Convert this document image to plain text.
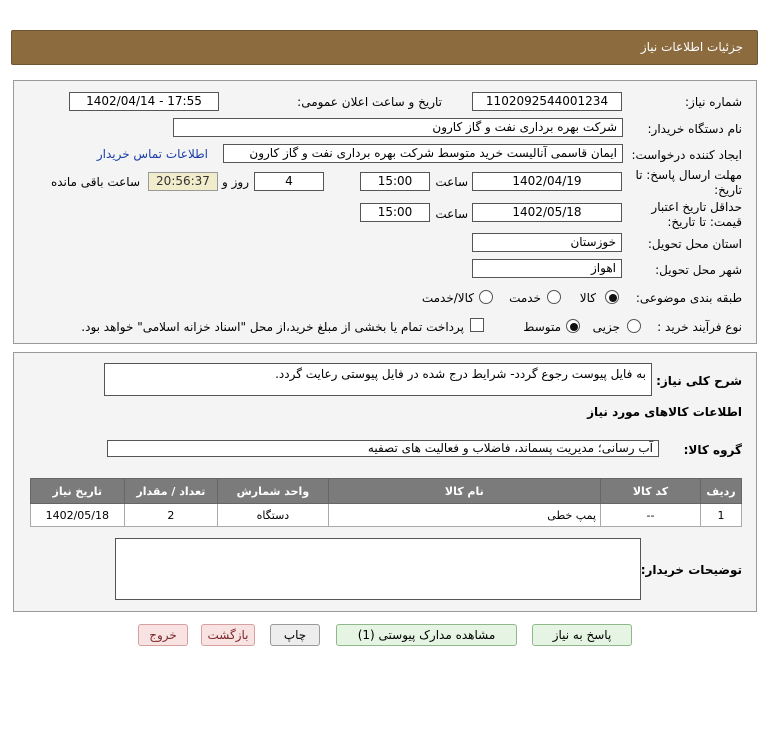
جزئیات اطلاعات نیاز
شماره نیاز:
1102092544001234
تاریخ و ساعت اعلان عمومی:
1402/04/14 - 17:55
نام دستگاه خریدار:
شرکت بهره برداری نفت و گاز کارون
ایجاد کننده درخواست:
ایمان قاسمی آنالیست خرید متوسط شرکت بهره برداری نفت و گاز کارون
اطلاعات تماس خریدار
مهلت ارسال پاسخ: تا
تاریخ:
1402/04/19
ساعت
15:00
4
روز و
20:56:37
ساعت باقی مانده
حداقل تاریخ اعتبار
قیمت: تا تاریخ:
1402/05/18
ساعت
15:00
استان محل تحویل:
خوزستان
شهر محل تحویل:
اهواز
طبقه بندی موضوعی:
کالا
خدمت
کالا/خدمت
نوع فرآیند خرید :
جزیی
متوسط
پرداخت تمام یا بخشی از مبلغ خرید،از محل "اسناد خزانه اسلامی" خواهد بود.
شرح کلی نیاز:
به فایل پیوست رجوع گردد- شرایط درج شده در فایل پیوستی رعایت گردد.
اطلاعات کالاهای مورد نیاز
گروه کالا:
آب رسانی؛ مدیریت پسماند، فاضلاب و فعالیت های تصفیه
تاریخ نیاز	تعداد / مقدار	واحد شمارش	نام کالا	کد کالا	ردیف
1402/05/18	2	دستگاه	پمپ خطی	--	1
توضیحات خریدار:
پاسخ به نیاز
مشاهده مدارک پیوستی (1)
چاپ
بازگشت
خروج
